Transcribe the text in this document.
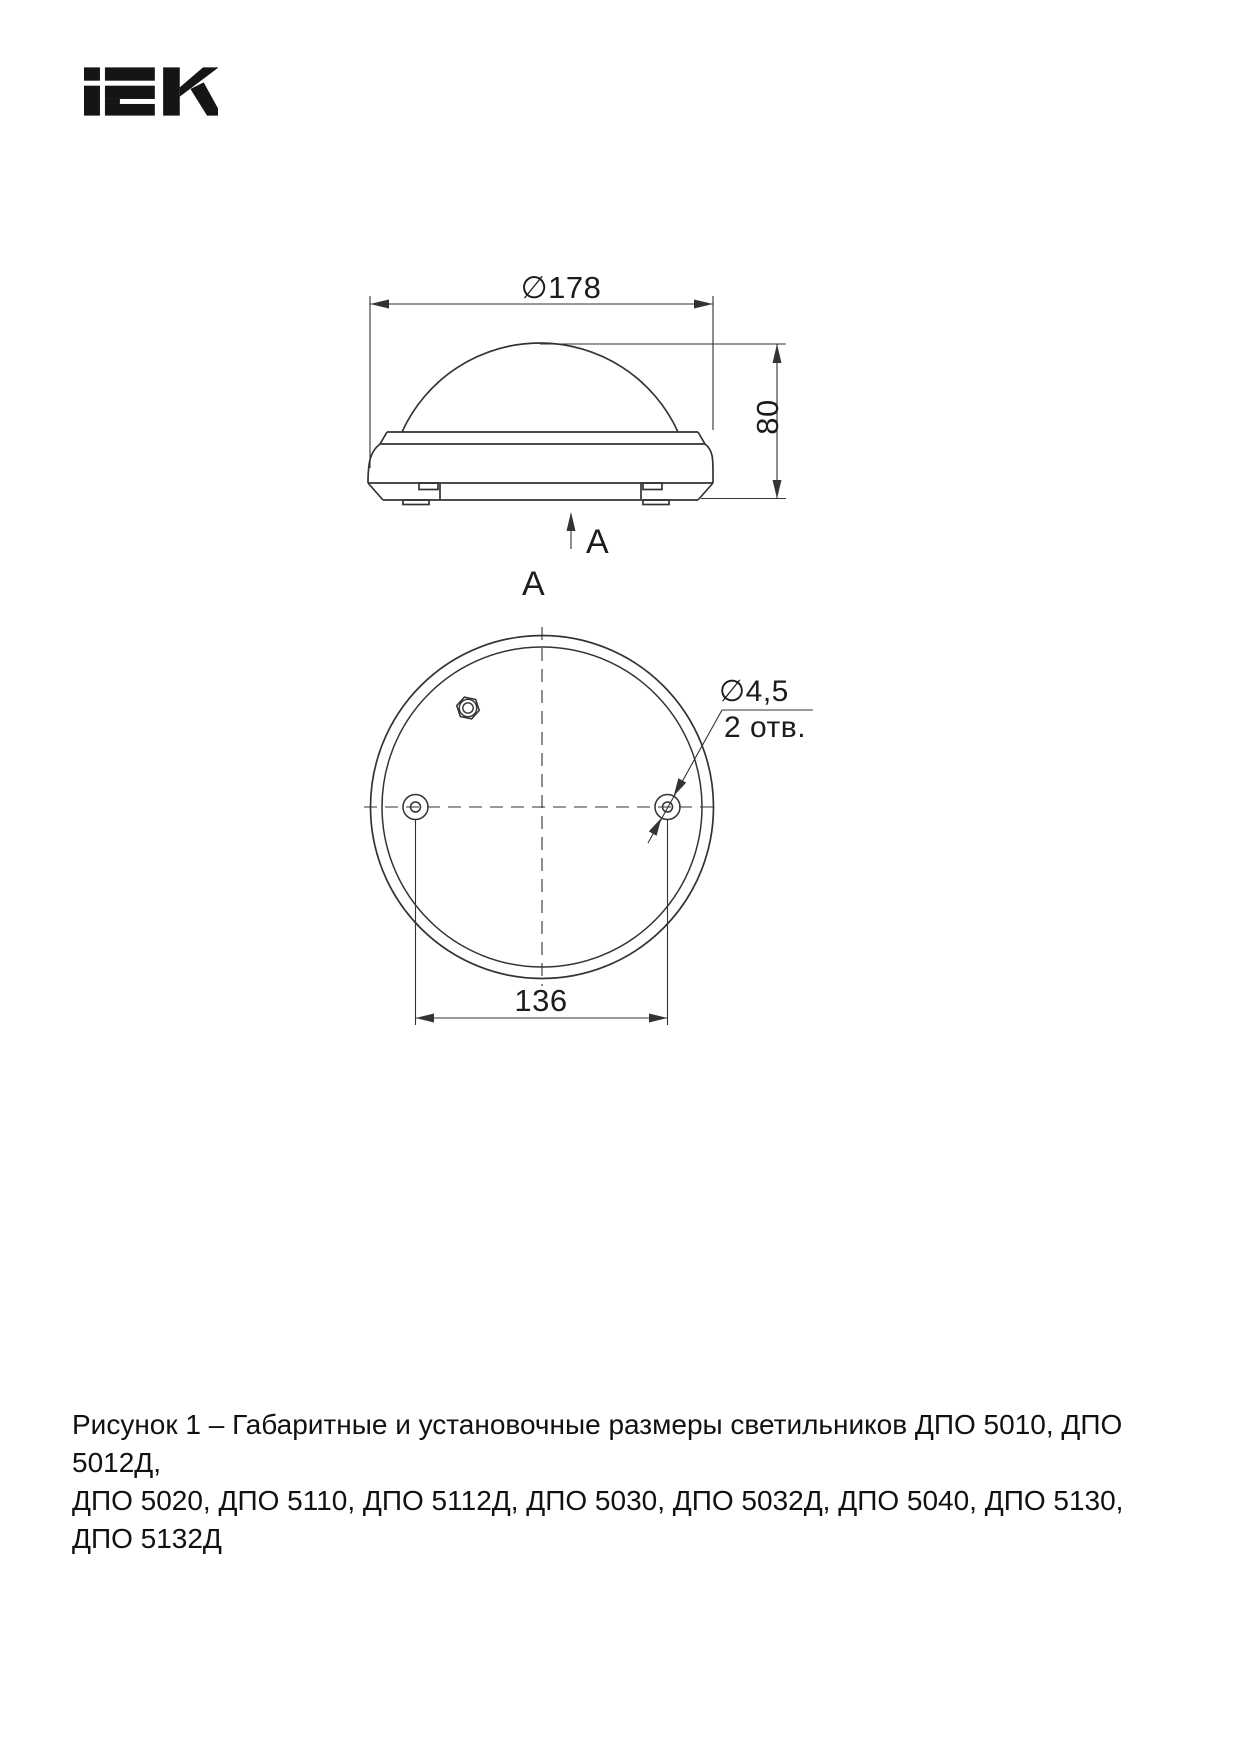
∅178
80
A
A
∅4,5
2 отв.
136
Рисунок 1 – Габаритные и установочные размеры светильников ДПО 5010, ДПО 5012Д,
ДПО 5020, ДПО 5110, ДПО 5112Д, ДПО 5030, ДПО 5032Д, ДПО 5040, ДПО 5130,
ДПО 5132Д
